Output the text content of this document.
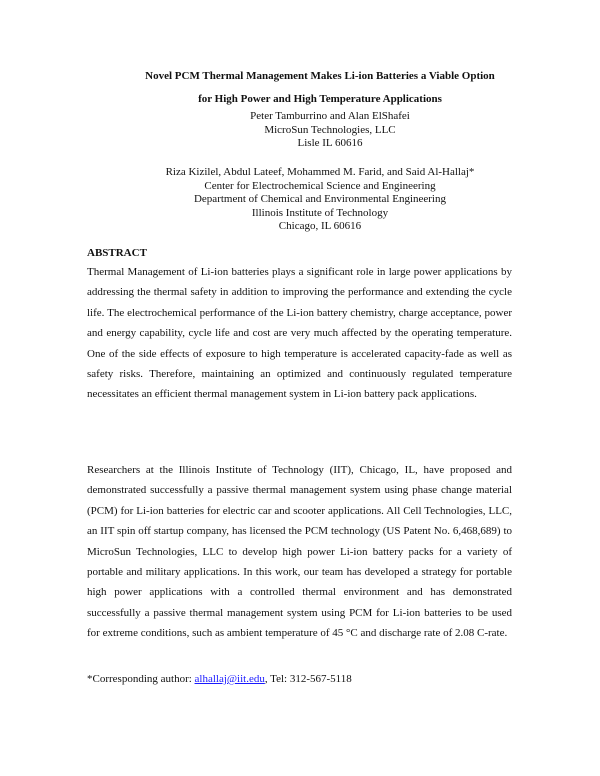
Novel PCM Thermal Management Makes Li-ion Batteries a Viable Option
for High Power and High Temperature Applications
Peter Tamburrino and Alan ElShafei
MicroSun Technologies, LLC
Lisle IL 60616
Riza Kizilel, Abdul Lateef, Mohammed M. Farid, and Said Al-Hallaj*
Center for Electrochemical Science and Engineering
Department of Chemical and Environmental Engineering
Illinois Institute of Technology
Chicago, IL 60616
ABSTRACT
Thermal Management of Li-ion batteries plays a significant role in large power applications by addressing the thermal safety in addition to improving the performance and extending the cycle life. The electrochemical performance of the Li-ion battery chemistry, charge acceptance, power and energy capability, cycle life and cost are very much affected by the operating temperature. One of the side effects of exposure to high temperature is accelerated capacity-fade as well as safety risks. Therefore, maintaining an optimized and continuously regulated temperature necessitates an efficient thermal management system in Li-ion battery pack applications.
Researchers at the Illinois Institute of Technology (IIT), Chicago, IL, have proposed and demonstrated successfully a passive thermal management system using phase change material (PCM) for Li-ion batteries for electric car and scooter applications. All Cell Technologies, LLC, an IIT spin off startup company, has licensed the PCM technology (US Patent No. 6,468,689) to MicroSun Technologies, LLC to develop high power Li-ion battery packs for a variety of portable and military applications. In this work, our team has developed a strategy for portable high power applications with a controlled thermal environment and has demonstrated successfully a passive thermal management system using PCM for Li-ion batteries to be used for extreme conditions, such as ambient temperature of 45 °C and discharge rate of 2.08 C-rate.
*Corresponding author: alhallaj@iit.edu, Tel: 312-567-5118
